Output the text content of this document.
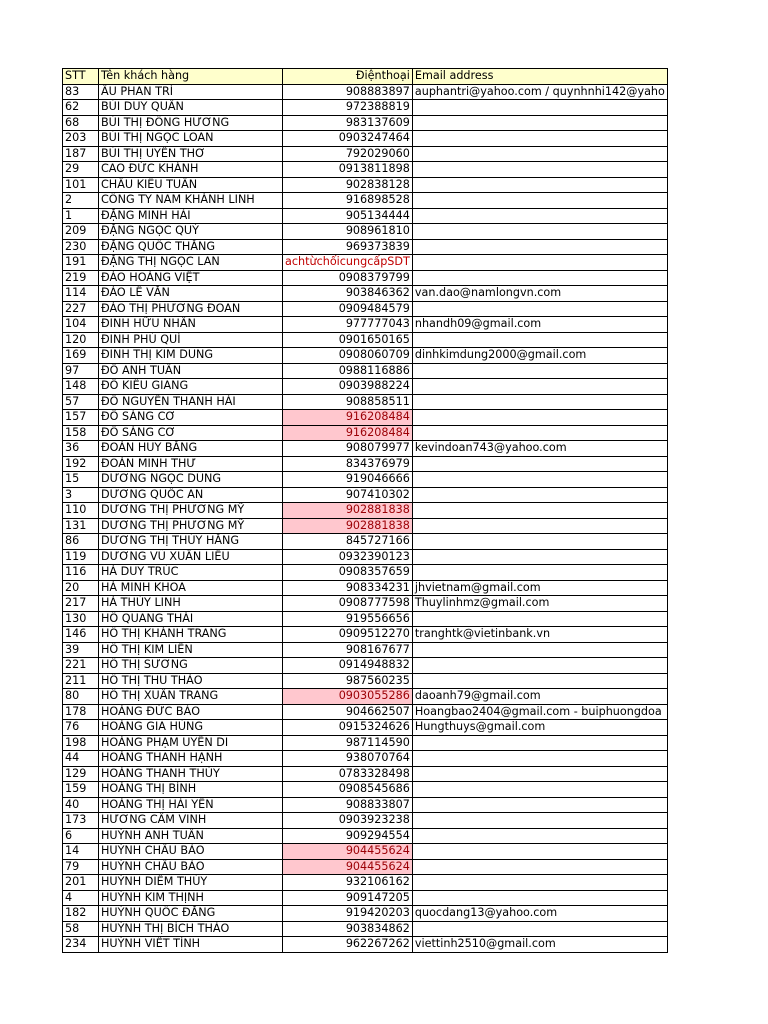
STT	Tên khách hàng	Điệnthoại	Email address
83	ÂU PHAN TRÍ	908883897	auphantri@yahoo.com / quynhnhi142@yaho
62	BÙI DUY QUÂN	972388819	
68	BÙI THỊ ĐÔNG HƯƠNG	983137609	
203	BÙI THỊ NGỌC LOAN	0903247464	
187	BÙI THỊ UYÊN THƠ	792029060	
29	CAO ĐỨC KHÁNH	0913811898	
101	CHÂU KIỀU TUẤN	902838128	
2	CÔNG TY NAM KHÁNH LINH	916898528	
1	ĐẶNG MINH HẢI	905134444	
209	ĐẶNG NGỌC QUÝ	908961810	
230	ĐẶNG QUỐC THẮNG	969373839	
191	ĐẶNG THỊ NGỌC LAN	achtừchốicungcấpSDT	
219	ĐÀO HOÀNG VIỆT	0908379799	
114	ĐÀO LÊ VĂN	903846362	van.dao@namlongvn.com
227	ĐÀO THỊ PHƯƠNG ĐOAN	0909484579	
104	ĐINH HỮU NHÂN	977777043	nhandh09@gmail.com
120	ĐINH PHÚ QUÍ	0901650165	
169	ĐINH THỊ KIM DUNG	0908060709	dinhkimdung2000@gmail.com
97	ĐỖ ANH TUẤN	0988116886	
148	ĐỖ KIỀU GIANG	0903988224	
57	ĐỖ NGUYỄN THANH HẢI	908858511	
157	ĐỖ SÁNG CƠ	916208484	
158	ĐỖ SÁNG CƠ	916208484	
36	ĐOÀN HUY BẰNG	908079977	kevindoan743@yahoo.com
192	ĐOÀN MINH THƯ	834376979	
15	DƯƠNG NGỌC DŨNG	919046666	
3	DƯƠNG QUỐC AN	907410302	
110	DƯƠNG THỊ PHƯƠNG MỸ	902881838	
131	DƯƠNG THỊ PHƯƠNG MỸ	902881838	
86	DƯƠNG THỊ THÚY HẰNG	845727166	
119	DƯƠNG VŨ XUÂN LIỄU	0932390123	
116	HÀ DUY TRÚC	0908357659	
20	HÀ MINH KHOA	908334231	jhvietnam@gmail.com
217	HÀ THÙY LINH	0908777598	Thuylinhmz@gmail.com
130	HỒ QUANG THÁI	919556656	
146	HỒ THỊ KHÁNH TRANG	0909512270	tranghtk@vietinbank.vn
39	HỒ THỊ KIM LIÊN	908167677	
221	HỒ THỊ SƯƠNG	0914948832	
211	HỒ THỊ THU THẢO	987560235	
80	HỒ THỊ XUÂN TRANG	0903055286	daoanh79@gmail.com
178	HOÀNG ĐỨC BẢO	904662507	Hoangbao2404@gmail.com - buiphuongdoa
76	HOÀNG GIA HÙNG	0915324626	Hungthuys@gmail.com
198	HOÀNG PHẠM UYÊN DI	987114590	
44	HOÀNG THANH HẠNH	938070764	
129	HOÀNG THANH THỦY	0783328498	
159	HOÀNG THỊ BÌNH	0908545686	
40	HOÀNG THỊ HẢI YẾN	908833807	
173	HƯƠNG CẨM VINH	0903923238	
6	HUỲNH ANH TUẤN	909294554	
14	HUỲNH CHÂU BẢO	904455624	
79	HUỲNH CHÂU BẢO	904455624	
201	HUỲNH DIỄM THÚY	932106162	
4	HUỲNH KIM THỊNH	909147205	
182	HUỲNH QUỐC ĐĂNG	919420203	quocdang13@yahoo.com
58	HUỲNH THỊ BÍCH THẢO	903834862	
234	HUỲNH VIẾT TÌNH	962267262	viettinh2510@gmail.com
